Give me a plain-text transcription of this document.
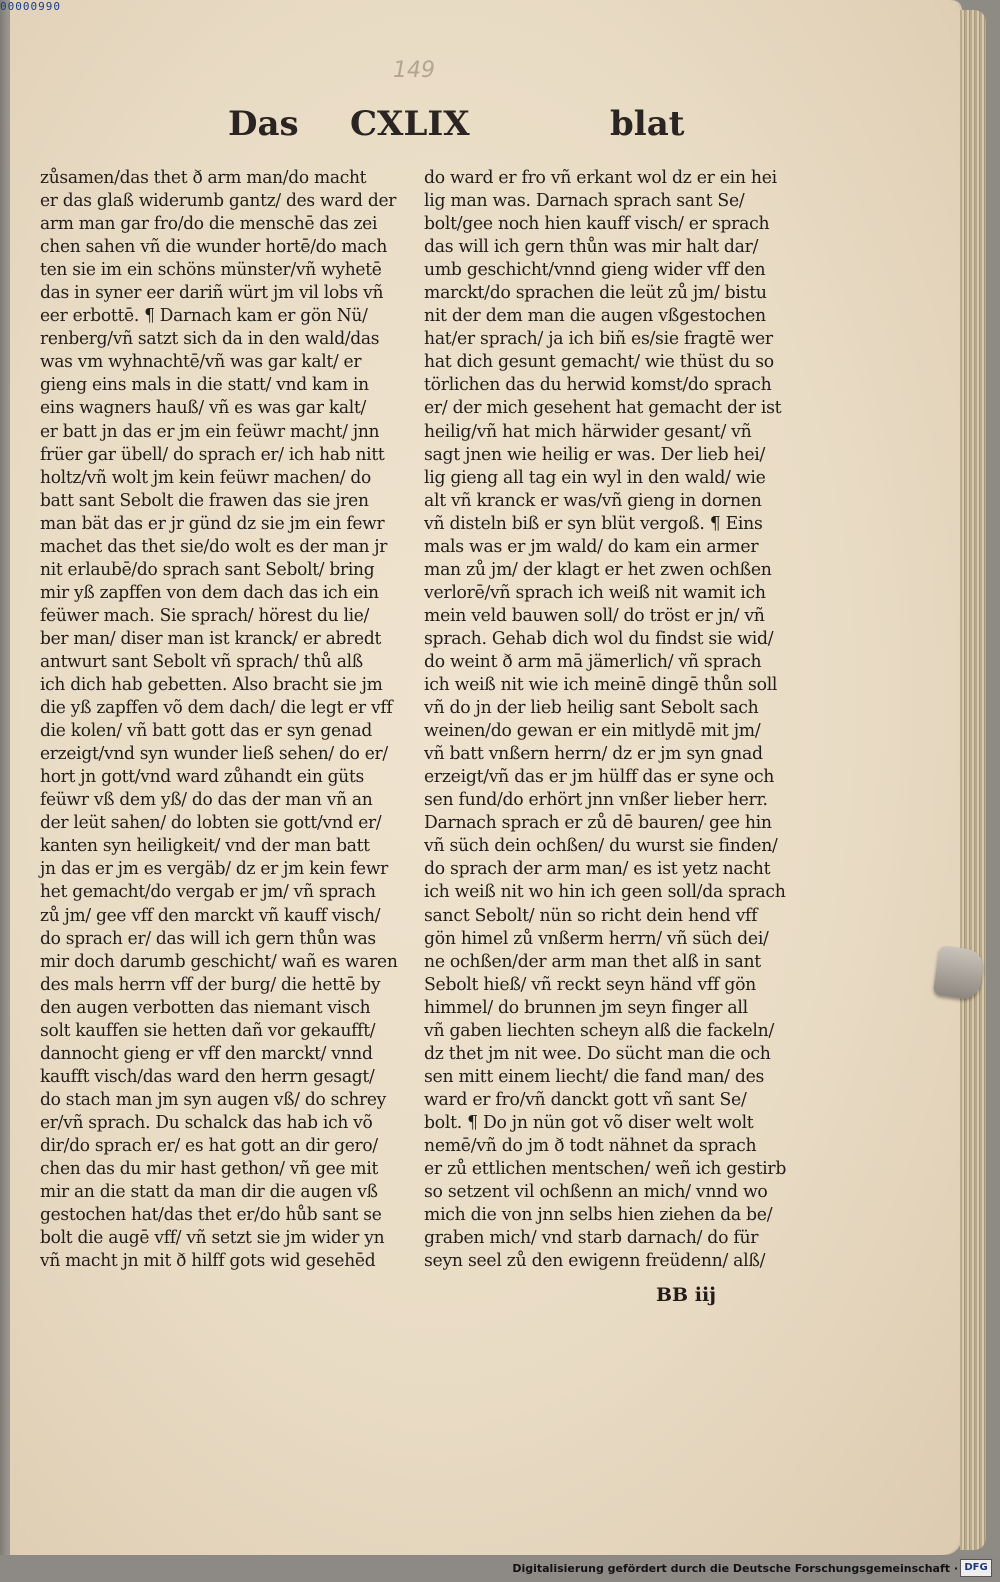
00000990
149
Das CXLIX	blat
zůsamen/das thet ð arm man/do macht
er das glaß widerumb gantz/ des ward der
arm man gar fro/do die menschē das zei
chen sahen vñ die wunder hortē/do mach
ten sie im ein schöns münster/vñ wyhetē
das in syner eer dariñ würt jm vil lobs vñ
eer erbottē. ¶ Darnach kam er gön Nü/
renberg/vñ satzt sich da in den wald/das
was vm wyhnachtē/vñ was gar kalt/ er
gieng eins mals in die statt/ vnd kam in
eins wagners hauß/ vñ es was gar kalt/
er batt jn das er jm ein feüwr macht/ jnn
früer gar übell/ do sprach er/ ich hab nitt
holtz/vñ wolt jm kein feüwr machen/ do
batt sant Sebolt die frawen das sie jren
man bät das er jr günd dz sie jm ein fewr
machet das thet sie/do wolt es der man jr
nit erlaubē/do sprach sant Sebolt/ bring
mir yß zapffen von dem dach das ich ein
feüwer mach. Sie sprach/ hörest du lie/
ber man/ diser man ist kranck/ er abredt
antwurt sant Sebolt vñ sprach/ thů alß
ich dich hab gebetten. Also bracht sie jm
die yß zapffen võ dem dach/ die legt er vff
die kolen/ vñ batt gott das er syn genad
erzeigt/vnd syn wunder ließ sehen/ do er/
hort jn gott/vnd ward zůhandt ein güts
feüwr vß dem yß/ do das der man vñ an
der leüt sahen/ do lobten sie gott/vnd er/
kanten syn heiligkeit/ vnd der man batt
jn das er jm es vergäb/ dz er jm kein fewr
het gemacht/do vergab er jm/ vñ sprach
zů jm/ gee vff den marckt vñ kauff visch/
do sprach er/ das will ich gern thůn was
mir doch darumb geschicht/ wañ es waren
des mals herrn vff der burg/ die hettē by
den augen verbotten das niemant visch
solt kauffen sie hetten dañ vor gekaufft/
dannocht gieng er vff den marckt/ vnnd
kaufft visch/das ward den herrn gesagt/
do stach man jm syn augen vß/ do schrey
er/vñ sprach. Du schalck das hab ich võ
dir/do sprach er/ es hat gott an dir gero/
chen das du mir hast gethon/ vñ gee mit
mir an die statt da man dir die augen vß
gestochen hat/das thet er/do hůb sant se
bolt die augē vff/ vñ setzt sie jm wider yn
vñ macht jn mit ð hilff gots wid gesehēd
do ward er fro vñ erkant wol dz er ein hei
lig man was. Darnach sprach sant Se/
bolt/gee noch hien kauff visch/ er sprach
das will ich gern thůn was mir halt dar/
umb geschicht/vnnd gieng wider vff den
marckt/do sprachen die leüt zů jm/ bistu
nit der dem man die augen vßgestochen
hat/er sprach/ ja ich biñ es/sie fragtē wer
hat dich gesunt gemacht/ wie thüst du so
törlichen das du herwid komst/do sprach
er/ der mich gesehent hat gemacht der ist
heilig/vñ hat mich härwider gesant/ vñ
sagt jnen wie heilig er was. Der lieb hei/
lig gieng all tag ein wyl in den wald/ wie
alt vñ kranck er was/vñ gieng in dornen
vñ disteln biß er syn blüt vergoß. ¶ Eins
mals was er jm wald/ do kam ein armer
man zů jm/ der klagt er het zwen ochßen
verlorē/vñ sprach ich weiß nit wamit ich
mein veld bauwen soll/ do tröst er jn/ vñ
sprach. Gehab dich wol du findst sie wid/
do weint ð arm mā jämerlich/ vñ sprach
ich weiß nit wie ich meinē dingē thůn soll
vñ do jn der lieb heilig sant Sebolt sach
weinen/do gewan er ein mitlydē mit jm/
vñ batt vnßern herrn/ dz er jm syn gnad
erzeigt/vñ das er jm hülff das er syne och
sen fund/do erhört jnn vnßer lieber herr.
Darnach sprach er zů dē bauren/ gee hin
vñ süch dein ochßen/ du wurst sie finden/
do sprach der arm man/ es ist yetz nacht
ich weiß nit wo hin ich geen soll/da sprach
sanct Sebolt/ nün so richt dein hend vff
gön himel zů vnßerm herrn/ vñ süch dei/
ne ochßen/der arm man thet alß in sant
Sebolt hieß/ vñ reckt seyn händ vff gön
himmel/ do brunnen jm seyn finger all
vñ gaben liechten scheyn alß die fackeln/
dz thet jm nit wee. Do sücht man die och
sen mitt einem liecht/ die fand man/ des
ward er fro/vñ danckt gott vñ sant Se/
bolt. ¶ Do jn nün got võ diser welt wolt
nemē/vñ do jm ð todt nähnet da sprach
er zů ettlichen mentschen/ weñ ich gestirb
so setzent vil ochßenn an mich/ vnnd wo
mich die von jnn selbs hien ziehen da be/
graben mich/ vnd starb darnach/ do für
seyn seel zů den ewigenn freüdenn/ alß/
BB iij
Digitalisierung gefördert durch die Deutsche Forschungsgemeinschaft · DFG
